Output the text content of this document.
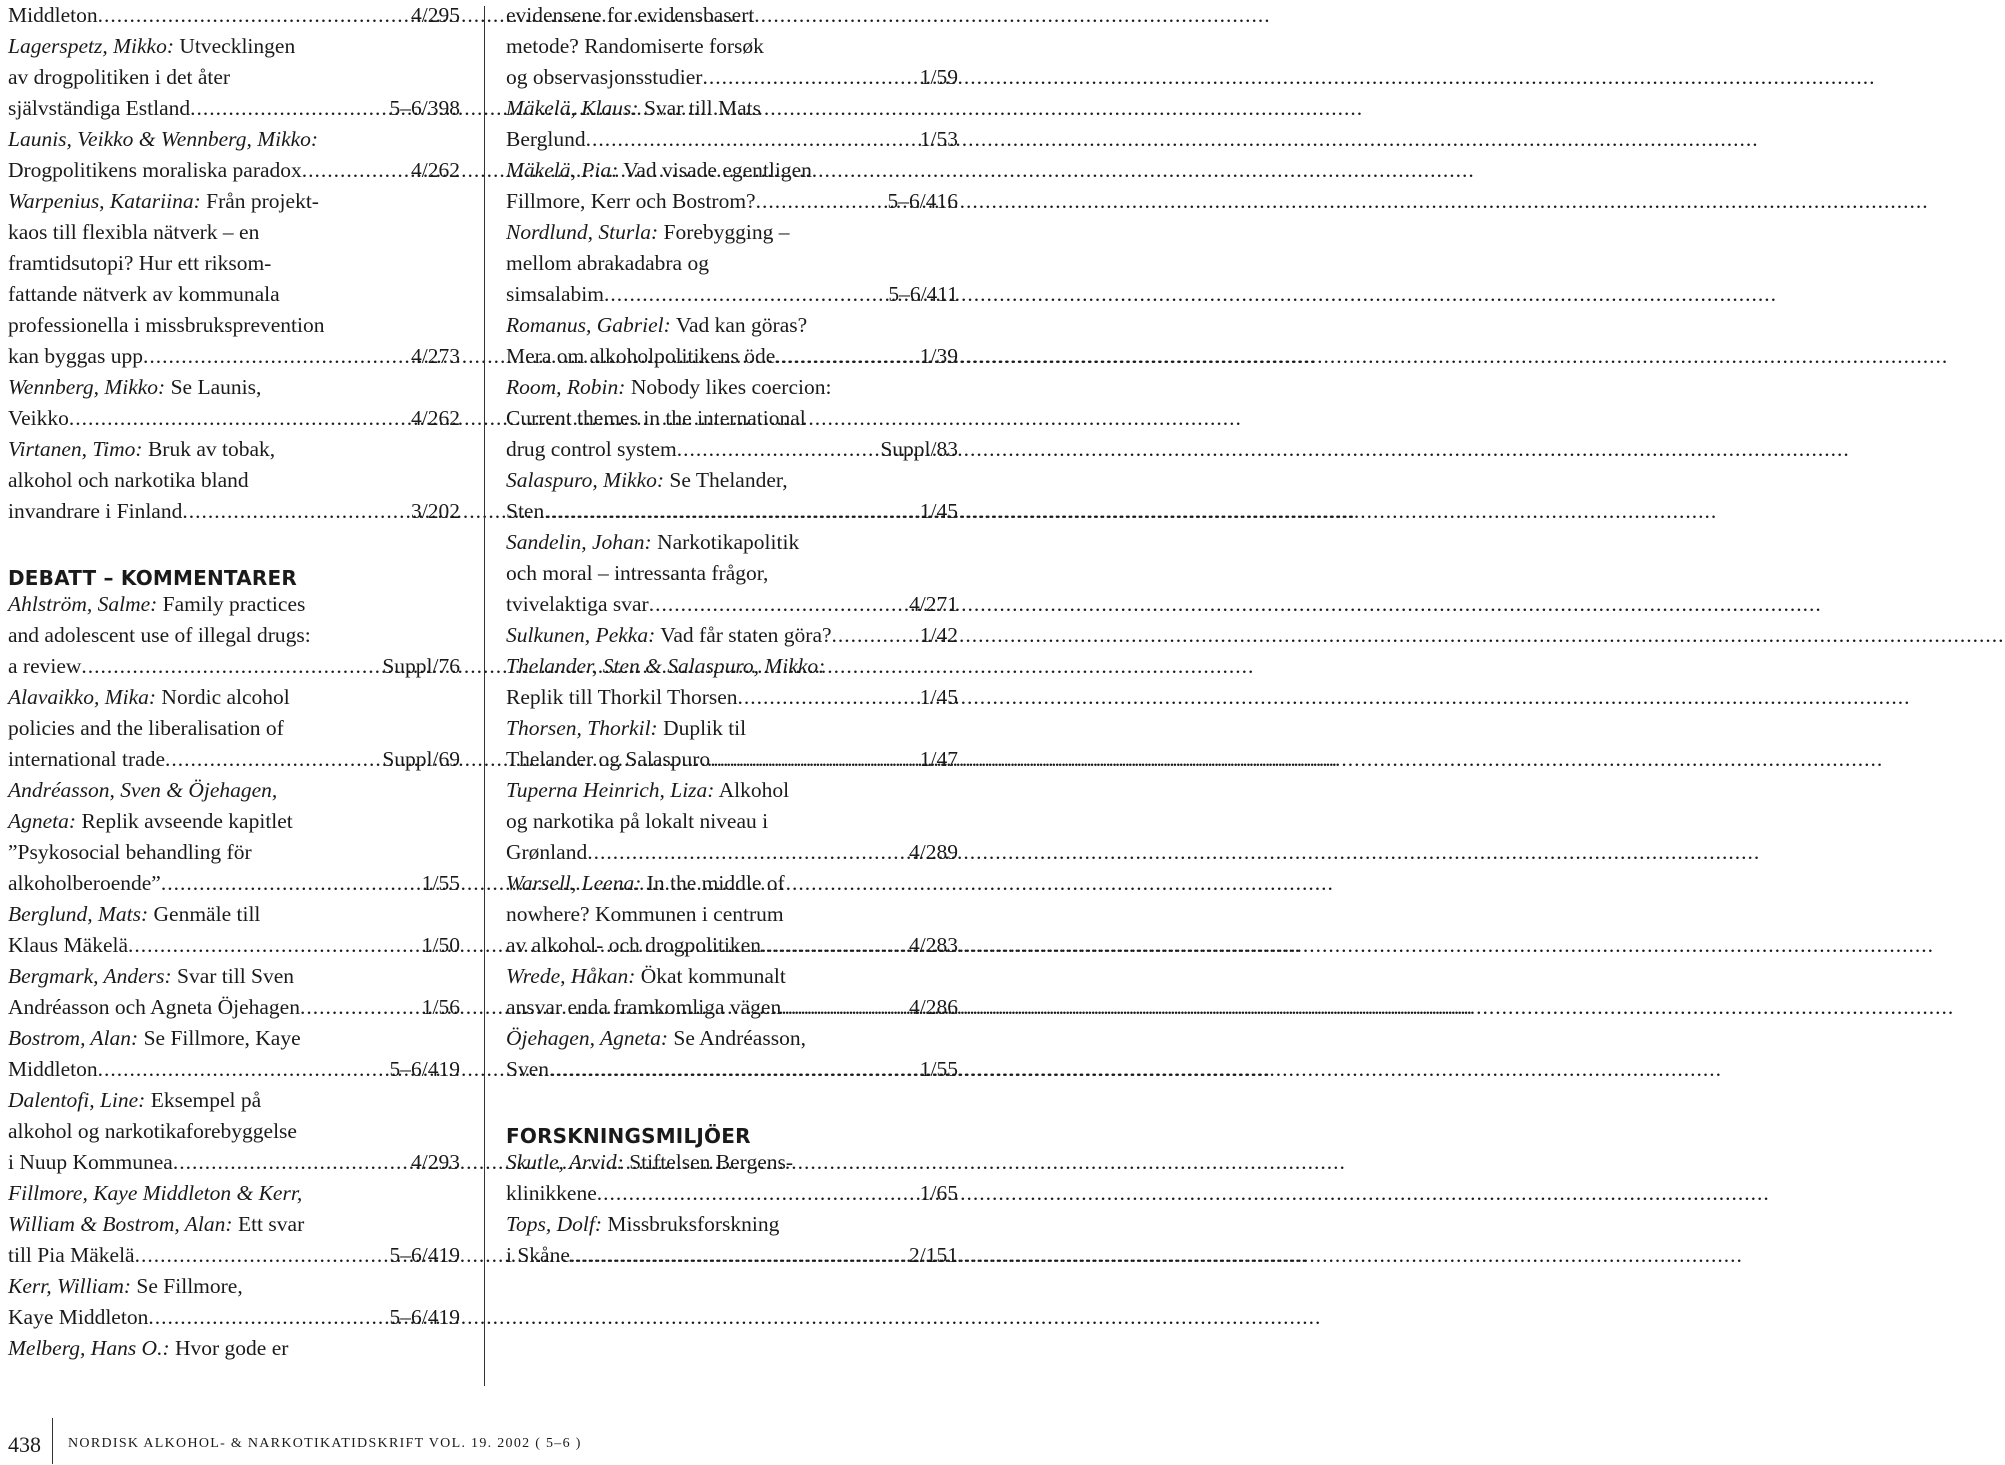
Middleton .....	4/295
Lagerspetz, Mikko: Utvecklingen
av drogpolitiken i det åter
självständiga Estland .....	5–6/398
Launis, Veikko & Wennberg, Mikko:
Drogpolitikens moraliska paradox .....	4/262
Warpenius, Katariina: Från projekt-
kaos till flexibla nätverk – en
framtidsutopi? Hur ett riksom-
fattande nätverk av kommunala
professionella i missbruksprevention
kan byggas upp .....	4/273
Wennberg, Mikko: Se Launis,
Veikko .....	4/262
Virtanen, Timo: Bruk av tobak,
alkohol och narkotika bland
invandrare i Finland .....	3/202
DEBATT – KOMMENTARER
Ahlström, Salme: Family practices
and adolescent use of illegal drugs:
a review .....	Suppl/76
Alavaikko, Mika: Nordic alcohol
policies and the liberalisation of
international trade .....	Suppl/69
Andréasson, Sven & Öjehagen,
Agneta: Replik avseende kapitlet
”Psykosocial behandling för
alkoholberoende” .....	1/55
Berglund, Mats: Genmäle till
Klaus Mäkelä .....	1/50
Bergmark, Anders: Svar till Sven
Andréasson och Agneta Öjehagen .....	1/56
Bostrom, Alan: Se Fillmore, Kaye
Middleton .....	5–6/419
Dalentofi, Line: Eksempel på
alkohol og narkotikaforebyggelse
i Nuup Kommunea .....	4/293
Fillmore, Kaye Middleton & Kerr,
William & Bostrom, Alan: Ett svar
till Pia Mäkelä .....	5–6/419
Kerr, William: Se Fillmore,
Kaye Middleton .....	5–6/419
Melberg, Hans O.: Hvor gode er
evidensene for evidensbasert
metode? Randomiserte forsøk
og observasjonsstudier .....	1/59
Mäkelä, Klaus: Svar till Mats
Berglund .....	1/53
Mäkelä, Pia: Vad visade egentligen
Fillmore, Kerr och Bostrom? .....	5–6/416
Nordlund, Sturla: Forebygging –
mellom abrakadabra og
simsalabim .....	5–6/411
Romanus, Gabriel: Vad kan göras?
Mera om alkoholpolitikens öde .....	1/39
Room, Robin: Nobody likes coercion:
Current themes in the international
drug control system .....	Suppl/83
Salaspuro, Mikko: Se Thelander,
Sten .....	1/45
Sandelin, Johan: Narkotikapolitik
och moral – intressanta frågor,
tvivelaktiga svar .....	4/271
Sulkunen, Pekka: Vad får staten göra? .....	1/42
Thelander, Sten & Salaspuro, Mikko:
Replik till Thorkil Thorsen .....	1/45
Thorsen, Thorkil: Duplik til
Thelander og Salaspuro .....	1/47
Tuperna Heinrich, Liza: Alkohol
og narkotika på lokalt niveau i
Grønland .....	4/289
Warsell, Leena: In the middle of
nowhere? Kommunen i centrum
av alkohol- och drogpolitiken .....	4/283
Wrede, Håkan: Ökat kommunalt
ansvar enda framkomliga vägen .....	4/286
Öjehagen, Agneta: Se Andréasson,
Sven .....	1/55
FORSKNINGSMILJÖER
Skutle, Arvid: Stiftelsen Bergens-
klinikkene .....	1/65
Tops, Dolf: Missbruksforskning
i Skåne .....	2/151
438 NORDISK ALKOHOL- & NARKOTIKATIDSKRIFT VOL. 19. 2002 ( 5–6 )
